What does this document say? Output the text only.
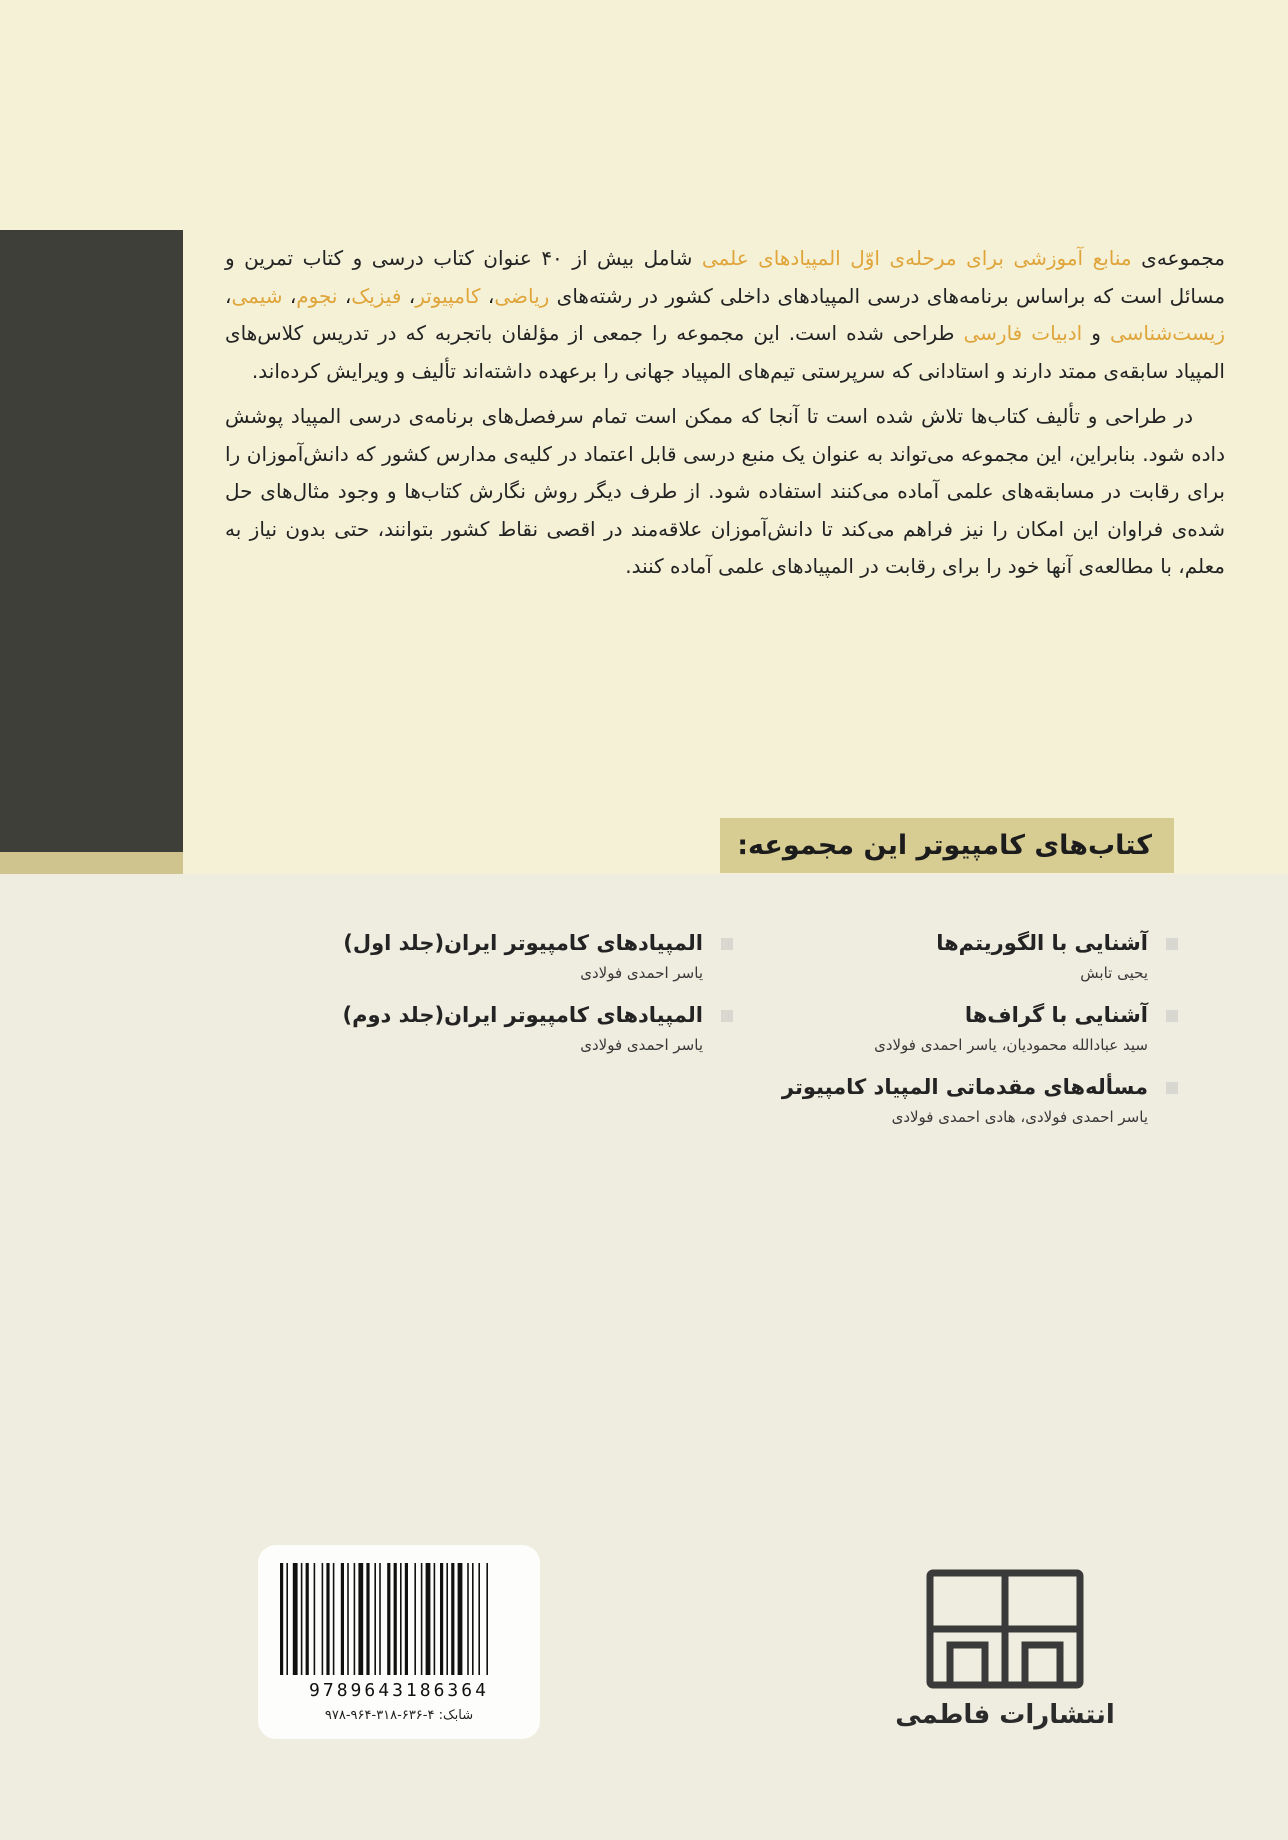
مجموعه‌ی منابع آموزشی برای مرحله‌ی اوّل المپیادهای علمی شامل بیش از ۴۰ عنوان کتاب درسی و کتاب تمرین و مسائل است که براساس برنامه‌های درسی المپیادهای داخلی کشور در رشته‌های ریاضی، کامپیوتر، فیزیک، نجوم، شیمی، زیست‌شناسی و ادبیات فارسی طراحی شده است. این مجموعه را جمعی از مؤلفان باتجربه که در تدریس کلاس‌های المپیاد سابقه‌ی ممتد دارند و استادانی که سرپرستی تیم‌های المپیاد جهانی را برعهده داشته‌اند تألیف و ویرایش کرده‌اند.

در طراحی و تألیف کتاب‌ها تلاش شده است تا آنجا که ممکن است تمام سرفصل‌های برنامه‌ی درسی المپیاد پوشش داده شود. بنابراین، این مجموعه می‌تواند به عنوان یک منبع درسی قابل اعتماد در کلیه‌ی مدارس کشور که دانش‌آموزان را برای رقابت در مسابقه‌های علمی آماده می‌کنند استفاده شود. از طرف دیگر روش نگارش کتاب‌ها و وجود مثال‌های حل شده‌ی فراوان این امکان را نیز فراهم می‌کند تا دانش‌آموزان علاقه‌مند در اقصی نقاط کشور بتوانند، حتی بدون نیاز به معلم، با مطالعه‌ی آنها خود را برای رقابت در المپیادهای علمی آماده کنند.

کتاب‌های کامپیوتر این مجموعه:
آشنایی با الگوریتم‌ها
یحیی تابش
آشنایی با گراف‌ها
سید عبادالله محمودیان، یاسر احمدی فولادی
مسأله‌های مقدماتی المپیاد کامپیوتر
یاسر احمدی فولادی، هادی احمدی فولادی
المپیادهای کامپیوتر ایران(جلد اول)
یاسر احمدی فولادی
المپیادهای کامپیوتر ایران(جلد دوم)
یاسر احمدی فولادی
9789643186364
شابک: ۴-۶۳۶-۳۱۸-۹۶۴-۹۷۸	انتشارات فاطمی
